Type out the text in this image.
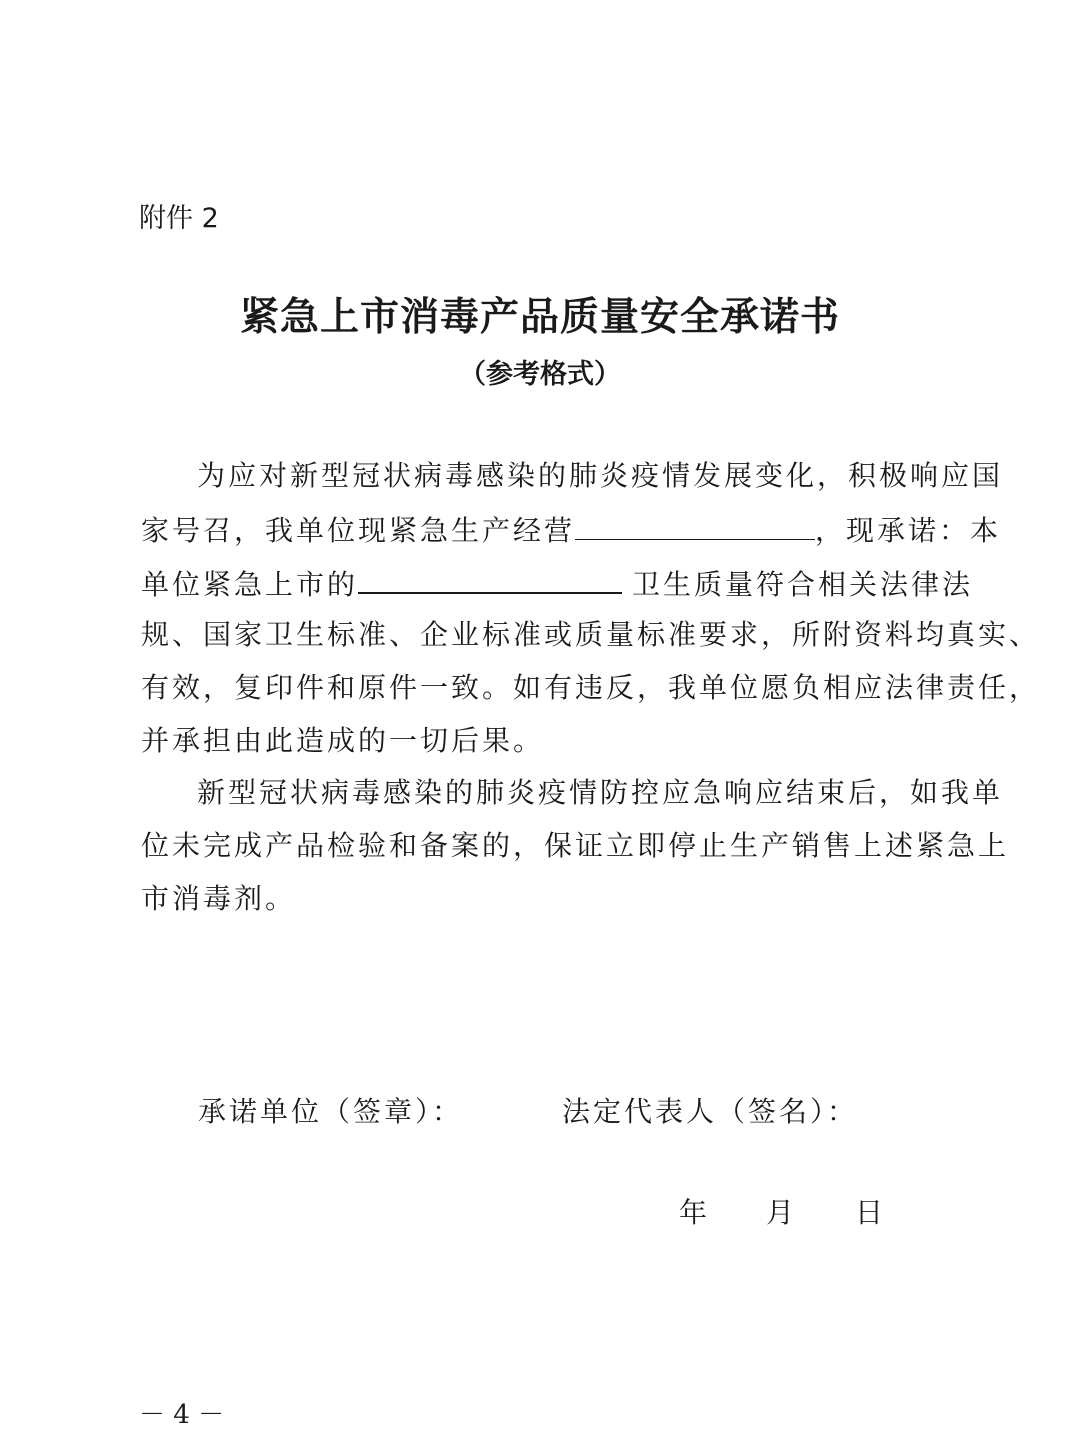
附件 2
紧急上市消毒产品质量安全承诺书
（参考格式）
为应对新型冠状病毒感染的肺炎疫情发展变化，积极响应国
家号召，我单位现紧急生产经营	，现承诺：本
单位紧急上市的	卫生质量符合相关法律法
规、国家卫生标准、企业标准或质量标准要求，所附资料均真实、
有效，复印件和原件一致。如有违反，我单位愿负相应法律责任，
并承担由此造成的一切后果。
新型冠状病毒感染的肺炎疫情防控应急响应结束后，如我单
位未完成产品检验和备案的，保证立即停止生产销售上述紧急上
市消毒剂。
承诺单位（签章）：	法定代表人（签名）：
年 月 日
－ 4 －
